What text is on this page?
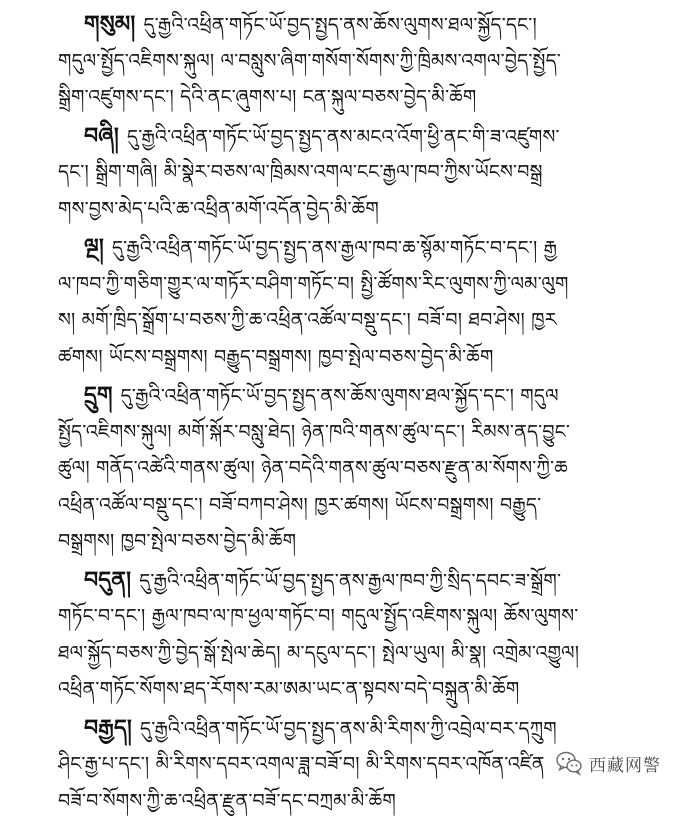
གསུམ། དུ་རྒྱའི་འཕྲིན་གཏོང་ཡོ་བྱད་སྤྱད་ནས་ཆོས་ལུགས་ཐལ་སྐྱོད་དང་།
གདུལ་སྤྱོད་འཇིགས་སྐུལ། ལ་བསླུས་ཞིག་གསོག་སོགས་ཀྱི་ཁྲིམས་འགལ་བྱེད་སྤྱོད་
སྒྲིག་འཛུགས་དང་། དེའི་ནང་ཞུགས་པ། ངན་སྐུལ་བཅས་བྱེད་མི་ཆོག
བཞི། དུ་རྒྱའི་འཕྲིན་གཏོང་ཡོ་བྱད་སྤྱད་ནས་མངའ་འོག་ཕྱི་ནང་གི་ཟ་འཛུགས་
དང་། སྒྲིག་གཞི། མི་སྣེར་བཅས་ལ་ཁྲིམས་འགལ་ངང་རྒྱལ་ཁབ་ཀྱིས་ཡོངས་བསྒྲ
གས་བྱས་མེད་པའི་ཆ་འཕྲིན་མགོ་འདོན་བྱེད་མི་ཆོག
ལྔ། དུ་རྒྱའི་འཕྲིན་གཏོང་ཡོ་བྱད་སྤྱད་ནས་རྒྱལ་ཁབ་ཆ་སྙོམ་གཏོང་བ་དང་། རྒྱ
ལ་ཁབ་ཀྱི་གཅིག་གྱུར་ལ་གཏོར་བཤིག་གཏོང་བ། སྤྱི་ཚོགས་རིང་ལུགས་ཀྱི་ལམ་ལུག
ས། མགོ་ཁྲིད་སྒྲོག་པ་བཅས་ཀྱི་ཆ་འཕྲིན་འཚོལ་བསྡུ་དང་། བཟོ་བ། ཐབ་ཤེས། ཁྱར
ཚགས། ཡོངས་བསྒྲགས། བརྒྱུད་བསྒྲགས། ཁྱབ་སྤེལ་བཅས་བྱེད་མི་ཆོག
དྲུག དུ་རྒྱའི་འཕྲིན་གཏོང་ཡོ་བྱད་སྤྱད་ནས་ཆོས་ལུགས་ཐལ་སྐྱོད་དང་། གདུལ
སྤྱོད་འཇིགས་སྐུལ། མགོ་སྐོར་བསླུ་ཐེད། ཉེན་ཁའི་གནས་ཚུལ་དང་། རིམས་ནད་བྱུང་
ཚུལ། གནོད་འཚེའི་གནས་ཚུལ། ཉེན་བདེའི་གནས་ཚུལ་བཅས་རྫུན་མ་སོགས་ཀྱི་ཆ
འཕྲིན་འཚོལ་བསྡུ་དང་། བཟོ་བཀབ་ཤེས། ཁྱར་ཚགས། ཡོངས་བསྒྲགས། བརྒྱུད་
བསྒྲགས། ཁྱབ་སྤེལ་བཅས་བྱེད་མི་ཆོག
བདུན། དུ་རྒྱའི་འཕྲིན་གཏོང་ཡོ་བྱད་སྤྱད་ནས་རྒྱལ་ཁབ་ཀྱི་སྲིད་དབང་ཟ་སྒྲོག་
གཏོང་བ་དང་། རྒྱལ་ཁབ་ལ་ཁ་ཕྱལ་གཏོང་བ། གདུལ་སྤྱོད་འཇིགས་སྐུལ། ཆོས་ལུགས་
ཐལ་སྐྱོད་བཅས་ཀྱི་བྱེད་སྒོ་སྤེལ་ཆེད། མ་དངུལ་དང་། སྤེལ་ཡུལ། མི་སྣ། འགྲེམ་འགྱུལ།
འཕྲིན་གཏོང་སོགས་ཐད་རོགས་རམ་ཨམ་ཡང་ན་སྟབས་བདེ་བསྐྲུན་མི་ཆོག
བརྒྱད། དུ་རྒྱའི་འཕྲིན་གཏོང་ཡོ་བྱད་སྤྱད་ནས་མི་རིགས་ཀྱི་འབྲེལ་བར་དཀྲུག
ཤིང་རྒྱ་པ་དང་། མི་རིགས་དབར་འགལ་ཟླ་བཟོ་བ། མི་རིགས་དབར་འཁོན་འཛིན
བཟོ་བ་སོགས་ཀྱི་ཆ་འཕྲིན་རྫུན་བཟོ་དང་བཀྲམ་མི་ཆོག
西藏网警
